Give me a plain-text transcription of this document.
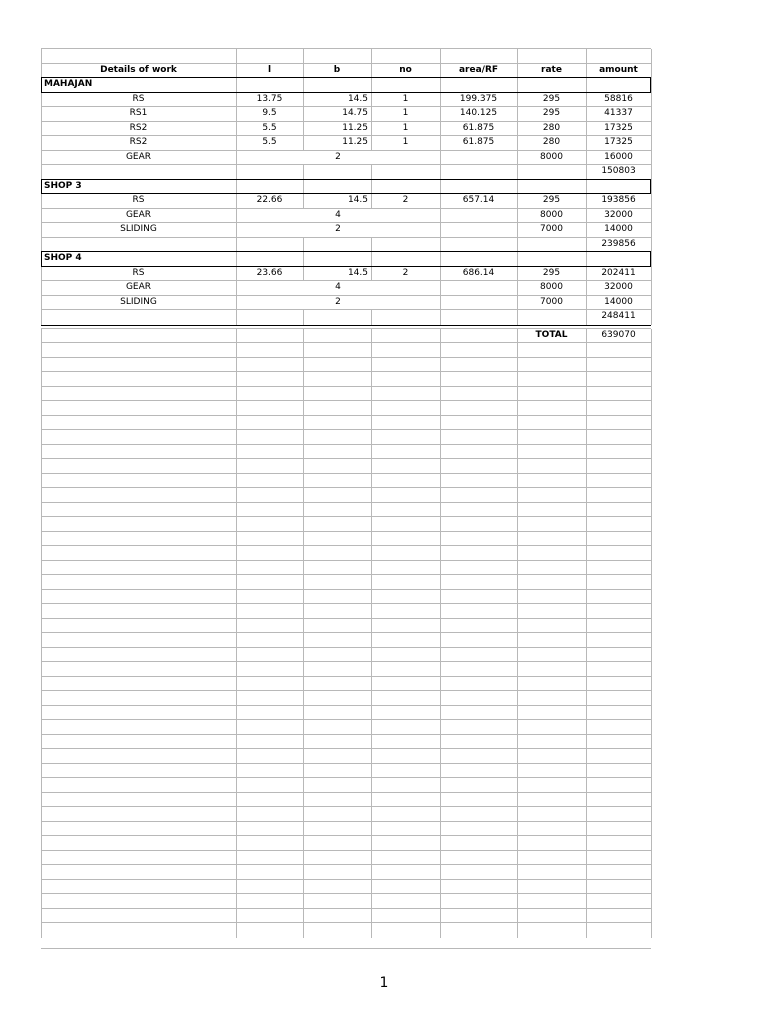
Details of work	l	b	no	area/RF	rate	amount
MAHAJAN
RS	13.75	14.5	1	199.375	295	58816
RS1	9.5	14.75	1	140.125	295	41337
RS2	5.5	11.25	1	61.875	280	17325
RS2	5.5	11.25	1	61.875	280	17325
GEAR	2	8000	16000
150803
SHOP 3
RS	22.66	14.5	2	657.14	295	193856
GEAR	4	8000	32000
SLIDING	2	7000	14000
239856
SHOP 4
RS	23.66	14.5	2	686.14	295	202411
GEAR	4	8000	32000
SLIDING	2	7000	14000
248411
TOTAL	639070
1
